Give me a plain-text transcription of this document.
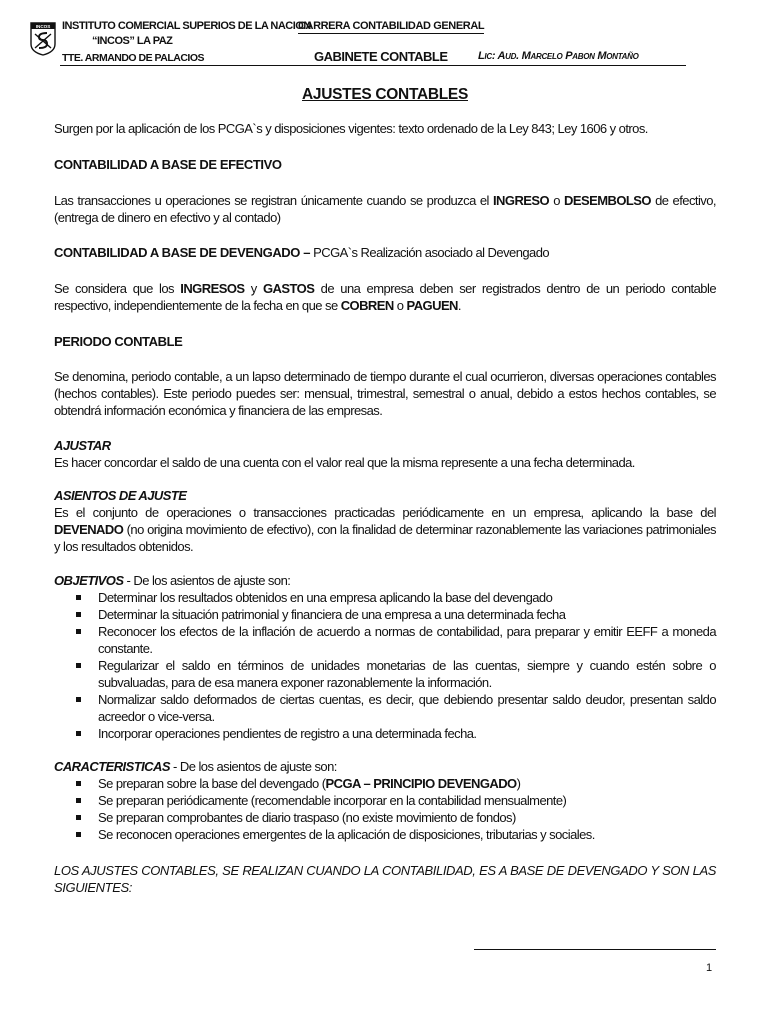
INCOS INSTITUTO COMERCIAL SUPERIOS DE LA NACION
“INCOS” LA PAZ
TTE. ARMANDO DE PALACIOS
CARRERA CONTABILIDAD GENERAL
GABINETE CONTABLE	Lic: Aud. Marcelo Pabon Montaño
AJUSTES CONTABLES

Surgen por la aplicación de los PCGA`s y disposiciones vigentes: texto ordenado de la Ley 843; Ley 1606 y otros.

CONTABILIDAD A BASE DE EFECTIVO

Las transacciones u operaciones se registran únicamente cuando se produzca el INGRESO o DESEMBOLSO de efectivo, (entrega de dinero en efectivo y al contado)

CONTABILIDAD A BASE DE DEVENGADO – PCGA`s Realización asociado al Devengado

Se considera que los INGRESOS y GASTOS de una empresa deben ser registrados dentro de un periodo contable respectivo, independientemente de la fecha en que se COBREN o PAGUEN.

PERIODO CONTABLE

Se denomina, periodo contable, a un lapso determinado de tiempo durante el cual ocurrieron, diversas operaciones contables (hechos contables). Este periodo puedes ser: mensual, trimestral, semestral o anual, debido a estos hechos contables, se obtendrá información económica y financiera de las empresas.

AJUSTAR

Es hacer concordar el saldo de una cuenta con el valor real que la misma represente a una fecha determinada.

ASIENTOS DE AJUSTE

Es el conjunto de operaciones o transacciones practicadas periódicamente en un empresa, aplicando la base del DEVENADO (no origina movimiento de efectivo), con la finalidad de determinar razonablemente las variaciones patrimoniales y los resultados obtenidos.

OBJETIVOS - De los asientos de ajuste son:

Determinar los resultados obtenidos en una empresa aplicando la base del devengado
Determinar la situación patrimonial y financiera de una empresa a una determinada fecha
Reconocer los efectos de la inflación de acuerdo a normas de contabilidad, para preparar y emitir EEFF a moneda constante.
Regularizar el saldo en términos de unidades monetarias de las cuentas, siempre y cuando estén sobre o subvaluadas, para de esa manera exponer razonablemente la información.
Normalizar saldo deformados de ciertas cuentas, es decir, que debiendo presentar saldo deudor, presentan saldo acreedor o vice-versa.
Incorporar operaciones pendientes de registro a una determinada fecha.

CARACTERISTICAS - De los asientos de ajuste son:

Se preparan sobre la base del devengado (PCGA – PRINCIPIO DEVENGADO)
Se preparan periódicamente (recomendable incorporar en la contabilidad mensualmente)
Se preparan comprobantes de diario traspaso (no existe movimiento de fondos)
Se reconocen operaciones emergentes de la aplicación de disposiciones, tributarias y sociales.

LOS AJUSTES CONTABLES, SE REALIZAN CUANDO LA CONTABILIDAD, ES A BASE DE DEVENGADO Y SON LAS SIGUIENTES:

1
